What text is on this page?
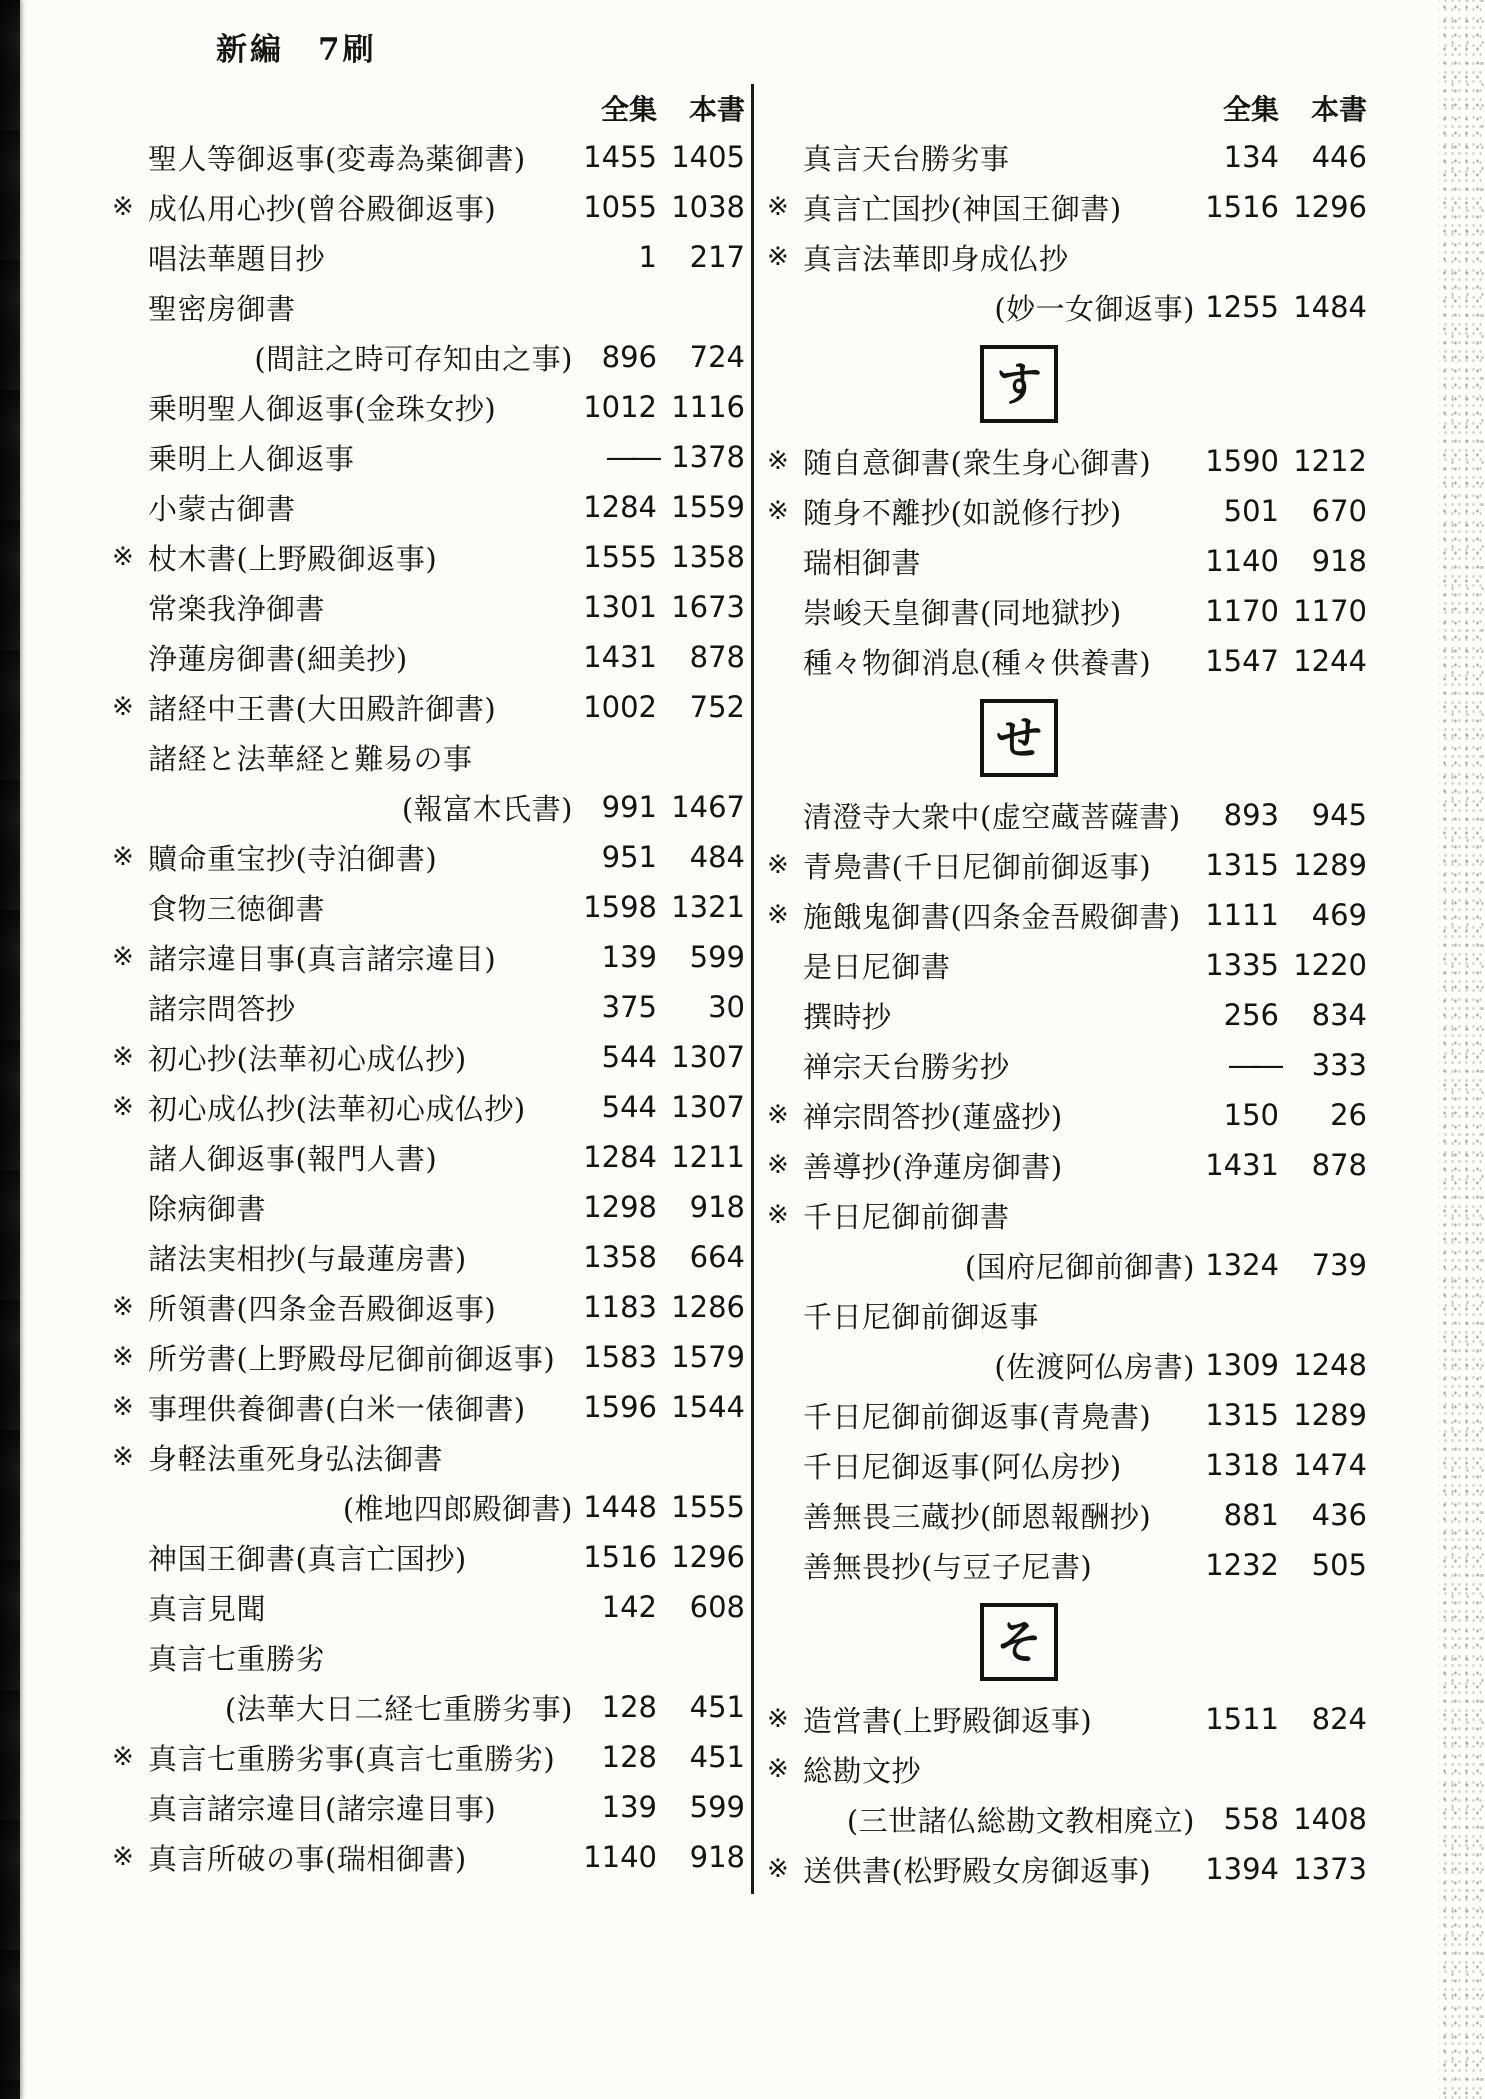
新編　7刷
全集	本書
聖人等御返事(変毒為薬御書)	1455 1405
※ 成仏用心抄(曾谷殿御返事)	1055 1038
唱法華題目抄	1	217
聖密房御書
(間註之時可存知由之事) 896	724
乗明聖人御返事(金珠女抄)	1012 1116
乗明上人御返事	―― 1378
小蒙古御書	1284 1559
※ 杖木書(上野殿御返事)	1555 1358
常楽我浄御書	1301 1673
浄蓮房御書(細美抄)	1431	878
※ 諸経中王書(大田殿許御書)	1002	752
諸経と法華経と難易の事
(報富木氏書) 991 1467
※ 贖命重宝抄(寺泊御書)	951	484
食物三徳御書	1598 1321
※ 諸宗違目事(真言諸宗違目)	139	599
諸宗問答抄	375	30
※ 初心抄(法華初心成仏抄)	544 1307
※ 初心成仏抄(法華初心成仏抄)	544 1307
諸人御返事(報門人書)	1284 1211
除病御書	1298	918
諸法実相抄(与最蓮房書)	1358	664
※ 所領書(四条金吾殿御返事)	1183 1286
※ 所労書(上野殿母尼御前御返事) 1583 1579
※ 事理供養御書(白米一俵御書)	1596 1544
※ 身軽法重死身弘法御書
(椎地四郎殿御書) 1448 1555
神国王御書(真言亡国抄)	1516 1296
真言見聞	142	608
真言七重勝劣
(法華大日二経七重勝劣事) 128	451
※ 真言七重勝劣事(真言七重勝劣)	128	451
真言諸宗違目(諸宗違目事)	139	599
※ 真言所破の事(瑞相御書)	1140	918
全集	本書
真言天台勝劣事	134	446
※ 真言亡国抄(神国王御書)	1516 1296
※ 真言法華即身成仏抄
(妙一女御返事) 1255 1484
す
※ 随自意御書(衆生身心御書)	1590 1212
※ 随身不離抄(如説修行抄)	501	670
瑞相御書	1140	918
崇峻天皇御書(同地獄抄)	1170 1170
種々物御消息(種々供養書)	1547 1244
せ
清澄寺大衆中(虚空蔵菩薩書)	893	945
※ 青鳧書(千日尼御前御返事)	1315 1289
※ 施餓鬼御書(四条金吾殿御書) 1111	469
是日尼御書	1335 1220
撰時抄	256	834
禅宗天台勝劣抄	――	333
※ 禅宗問答抄(蓮盛抄)	150	26
※ 善導抄(浄蓮房御書)	1431	878
※ 千日尼御前御書
(国府尼御前御書) 1324	739
千日尼御前御返事
(佐渡阿仏房書) 1309 1248
千日尼御前御返事(青鳧書)	1315 1289
千日尼御返事(阿仏房抄)	1318 1474
善無畏三蔵抄(師恩報酬抄)	881	436
善無畏抄(与豆子尼書)	1232	505
そ
※ 造営書(上野殿御返事)	1511	824
※ 総勘文抄
(三世諸仏総勘文教相廃立) 558 1408
※ 送供書(松野殿女房御返事)	1394 1373
